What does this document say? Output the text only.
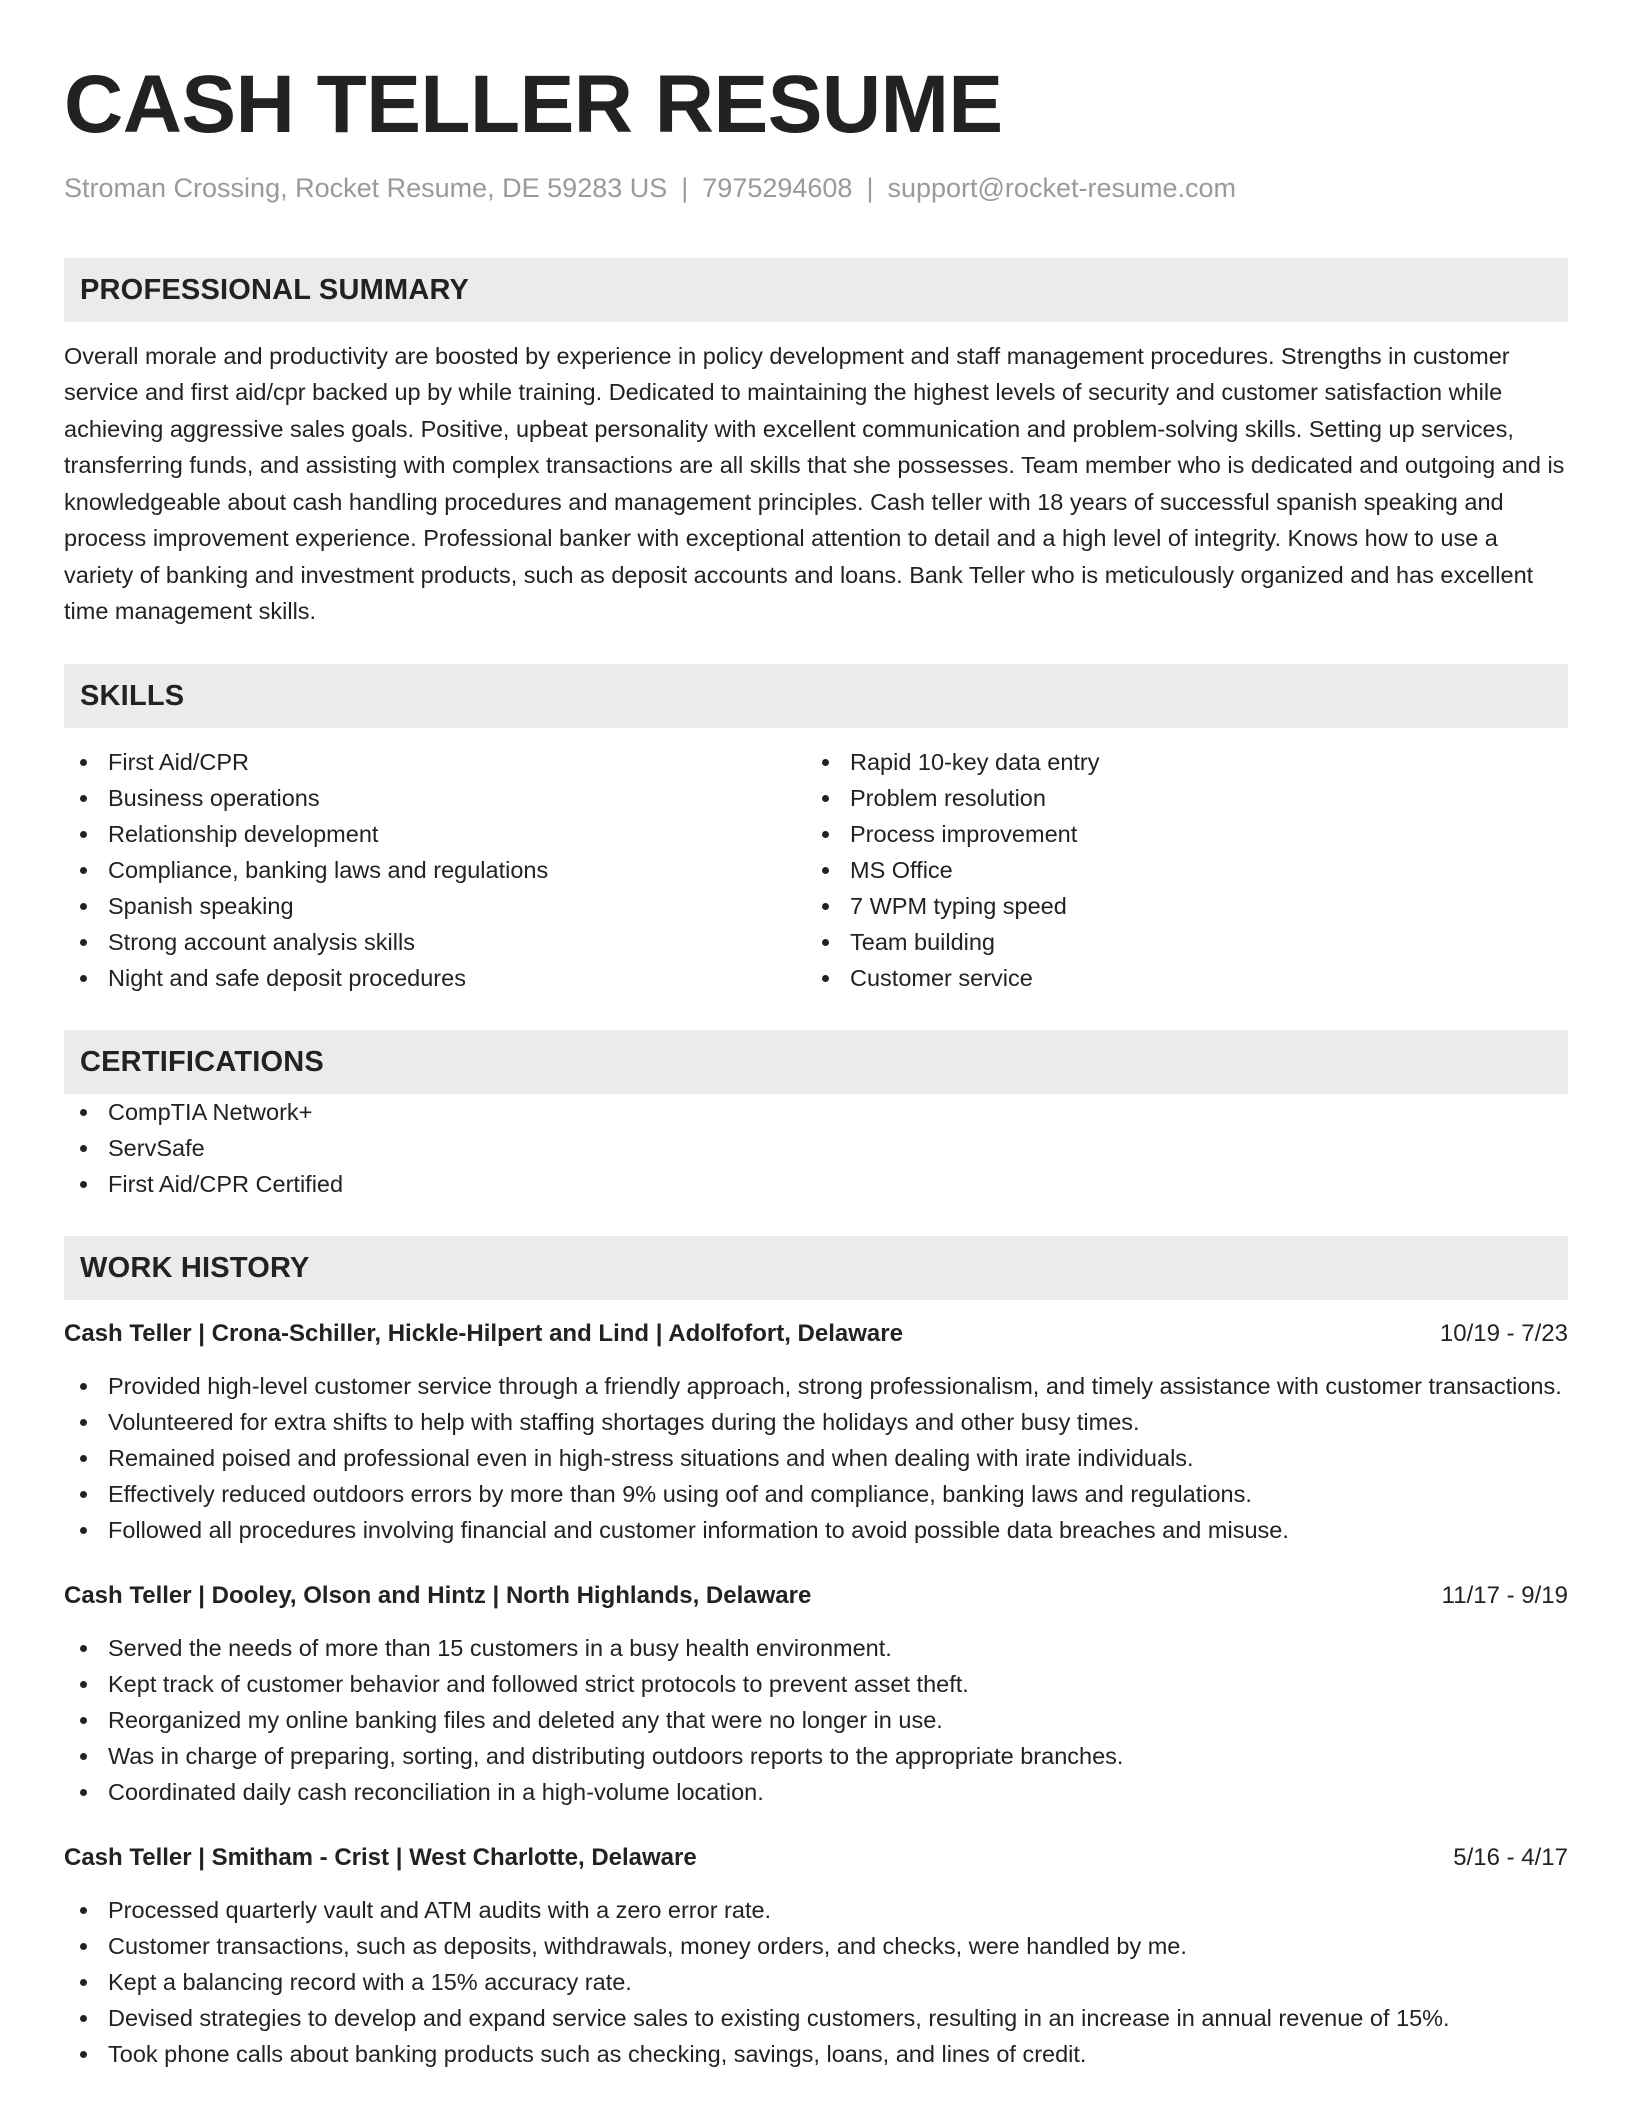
CASH TELLER RESUME
Stroman Crossing, Rocket Resume, DE 59283 US | 7975294608 | support@rocket-resume.com
PROFESSIONAL SUMMARY
Overall morale and productivity are boosted by experience in policy development and staff management procedures. Strengths in customer service and first aid/cpr backed up by while training. Dedicated to maintaining the highest levels of security and customer satisfaction while achieving aggressive sales goals. Positive, upbeat personality with excellent communication and problem-solving skills. Setting up services, transferring funds, and assisting with complex transactions are all skills that she possesses. Team member who is dedicated and outgoing and is knowledgeable about cash handling procedures and management principles. Cash teller with 18 years of successful spanish speaking and process improvement experience. Professional banker with exceptional attention to detail and a high level of integrity. Knows how to use a variety of banking and investment products, such as deposit accounts and loans. Bank Teller who is meticulously organized and has excellent time management skills.
SKILLS
First Aid/CPR
Business operations
Relationship development
Compliance, banking laws and regulations
Spanish speaking
Strong account analysis skills
Night and safe deposit procedures
Rapid 10-key data entry
Problem resolution
Process improvement
MS Office
7 WPM typing speed
Team building
Customer service
CERTIFICATIONS
CompTIA Network+
ServSafe
First Aid/CPR Certified
WORK HISTORY
Cash Teller | Crona-Schiller, Hickle-Hilpert and Lind | Adolfofort, Delaware	10/19 - 7/23
Provided high-level customer service through a friendly approach, strong professionalism, and timely assistance with customer transactions.
Volunteered for extra shifts to help with staffing shortages during the holidays and other busy times.
Remained poised and professional even in high-stress situations and when dealing with irate individuals.
Effectively reduced outdoors errors by more than 9% using oof and compliance, banking laws and regulations.
Followed all procedures involving financial and customer information to avoid possible data breaches and misuse.
Cash Teller | Dooley, Olson and Hintz | North Highlands, Delaware	11/17 - 9/19
Served the needs of more than 15 customers in a busy health environment.
Kept track of customer behavior and followed strict protocols to prevent asset theft.
Reorganized my online banking files and deleted any that were no longer in use.
Was in charge of preparing, sorting, and distributing outdoors reports to the appropriate branches.
Coordinated daily cash reconciliation in a high-volume location.
Cash Teller | Smitham - Crist | West Charlotte, Delaware	5/16 - 4/17
Processed quarterly vault and ATM audits with a zero error rate.
Customer transactions, such as deposits, withdrawals, money orders, and checks, were handled by me.
Kept a balancing record with a 15% accuracy rate.
Devised strategies to develop and expand service sales to existing customers, resulting in an increase in annual revenue of 15%.
Took phone calls about banking products such as checking, savings, loans, and lines of credit.
